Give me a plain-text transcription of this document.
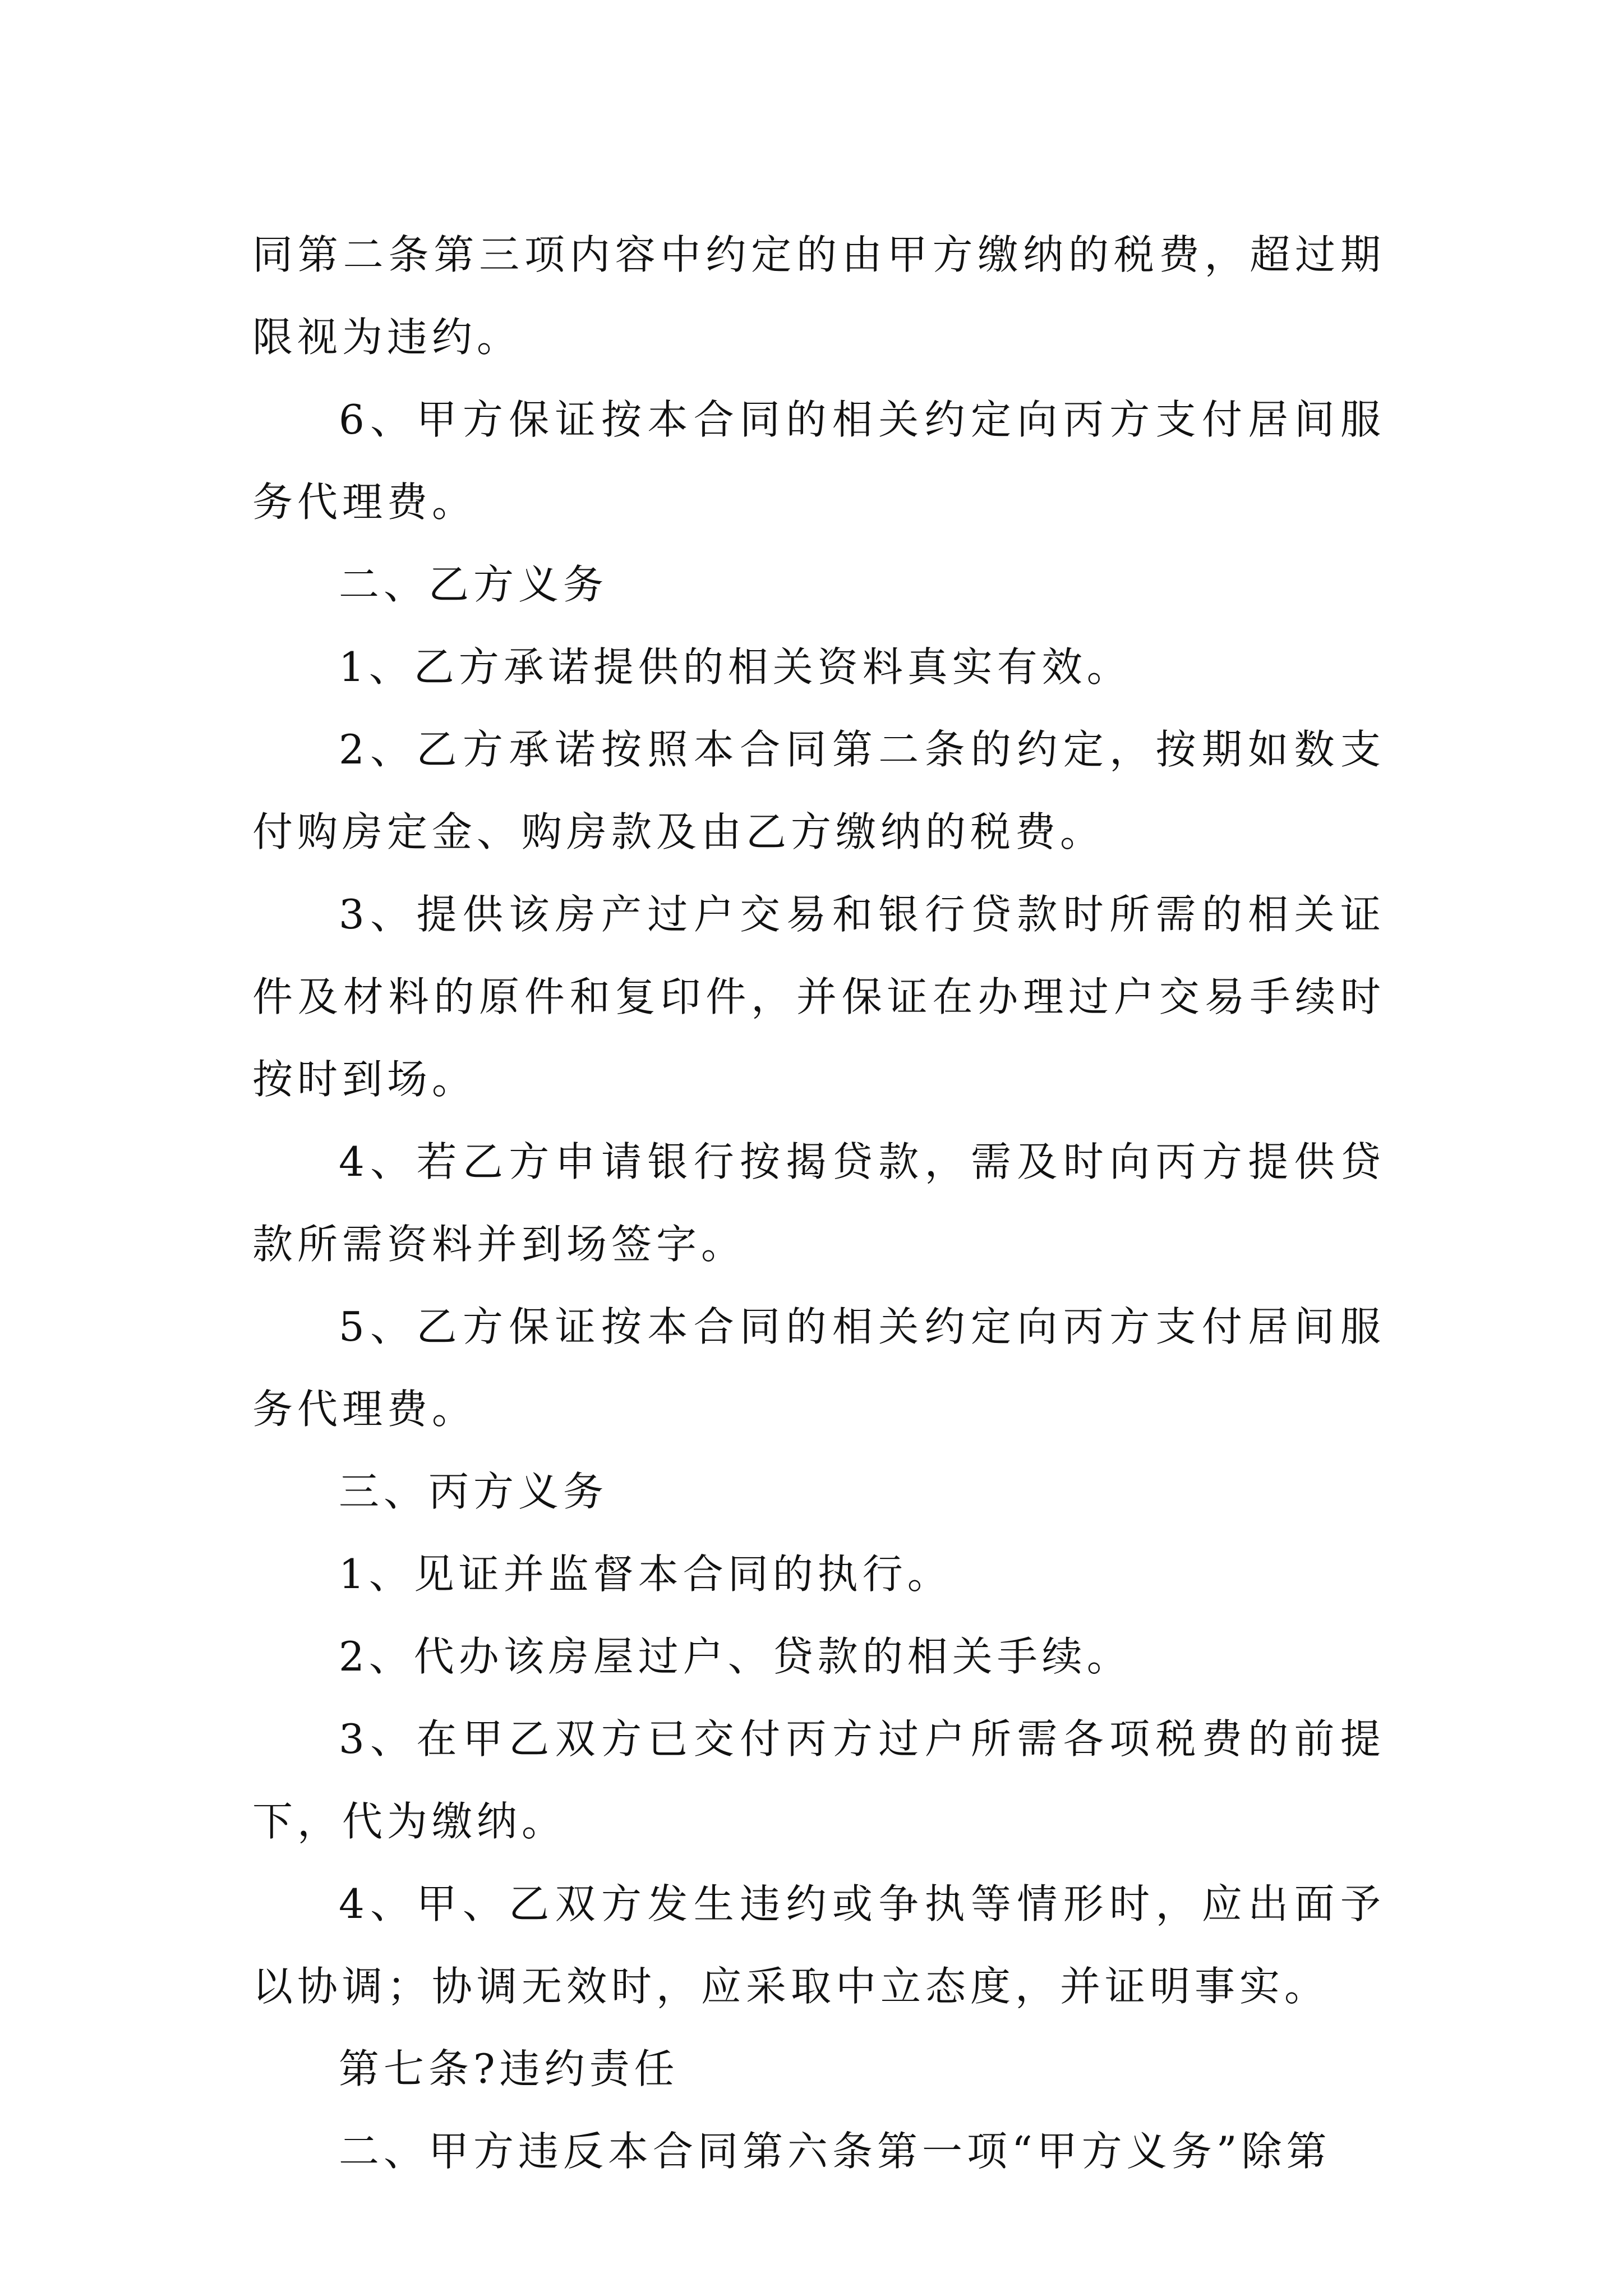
同第二条第三项内容中约定的由甲方缴纳的税费，超过期限视为违约。

6、甲方保证按本合同的相关约定向丙方支付居间服务代理费。

二、乙方义务

1、乙方承诺提供的相关资料真实有效。

2、乙方承诺按照本合同第二条的约定，按期如数支付购房定金、购房款及由乙方缴纳的税费。

3、提供该房产过户交易和银行贷款时所需的相关证件及材料的原件和复印件，并保证在办理过户交易手续时按时到场。

4、若乙方申请银行按揭贷款，需及时向丙方提供贷款所需资料并到场签字。

5、乙方保证按本合同的相关约定向丙方支付居间服务代理费。

三、丙方义务

1、见证并监督本合同的执行。

2、代办该房屋过户、贷款的相关手续。

3、在甲乙双方已交付丙方过户所需各项税费的前提下，代为缴纳。

4、甲、乙双方发生违约或争执等情形时，应出面予以协调；协调无效时，应采取中立态度，并证明事实。

第七条?违约责任

二、甲方违反本合同第六条第一项“甲方义务”除第
